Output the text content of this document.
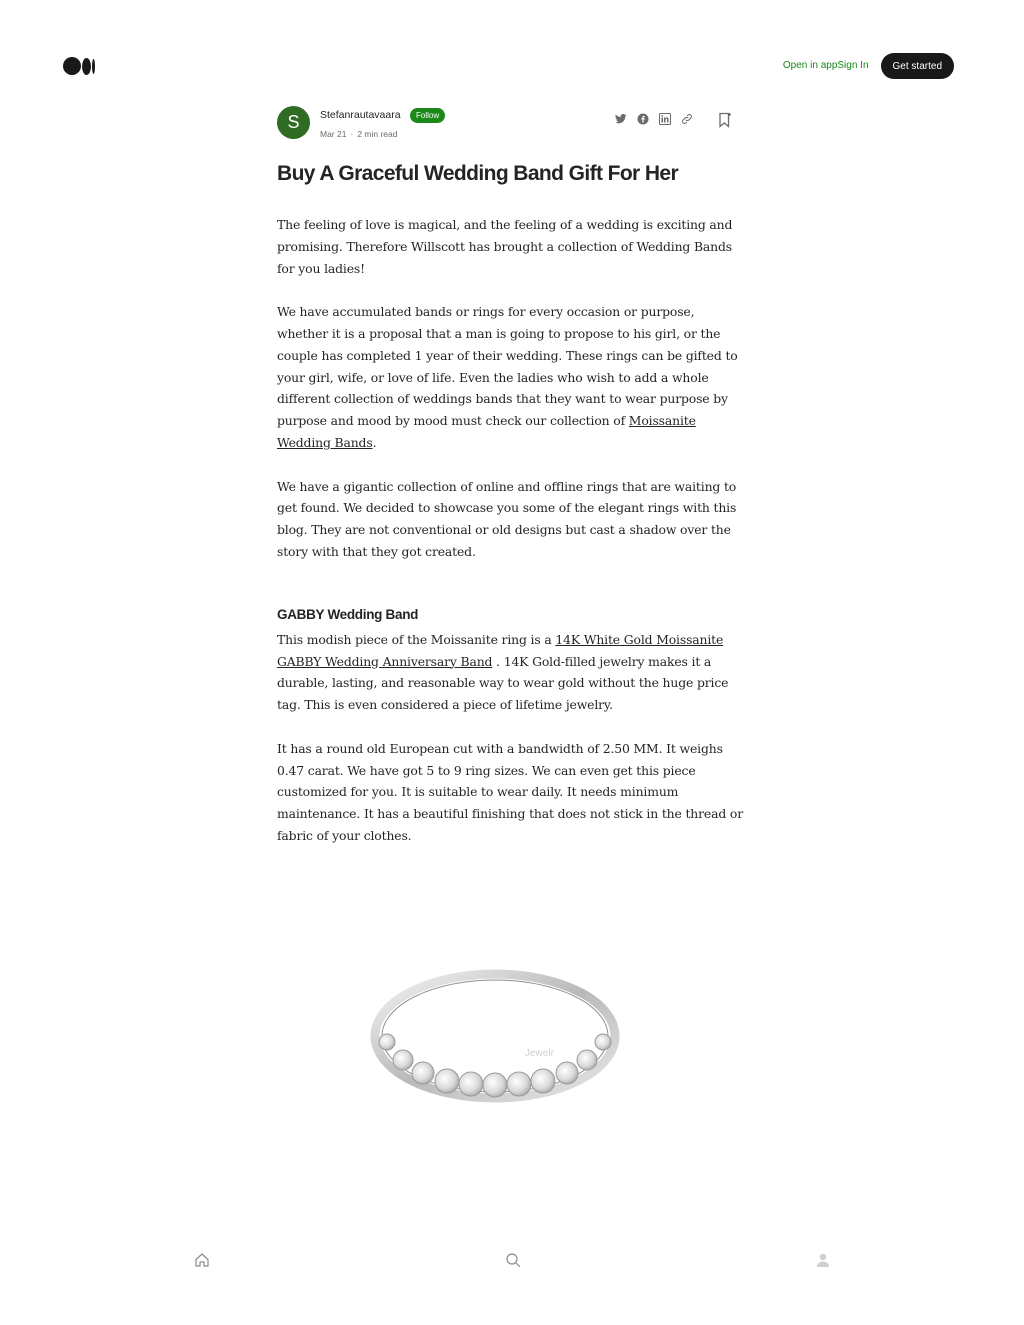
Open in app Sign In	Get started
S	Stefanrautavaara	Follow
Mar 21 · 2 min read
Buy A Graceful Wedding Band Gift For Her

The feeling of love is magical, and the feeling of a wedding is exciting and promising. Therefore Willscott has brought a collection of Wedding Bands for you ladies!

We have accumulated bands or rings for every occasion or purpose, whether it is a proposal that a man is going to propose to his girl, or the couple has completed 1 year of their wedding. These rings can be gifted to your girl, wife, or love of life. Even the ladies who wish to add a whole different collection of weddings bands that they want to wear purpose by purpose and mood by mood must check our collection of Moissanite Wedding Bands.

We have a gigantic collection of online and offline rings that are waiting to get found. We decided to showcase you some of the elegant rings with this blog. They are not conventional or old designs but cast a shadow over the story with that they got created.

GABBY Wedding Band

This modish piece of the Moissanite ring is a 14K White Gold Moissanite GABBY Wedding Anniversary Band . 14K Gold-filled jewelry makes it a durable, lasting, and reasonable way to wear gold without the huge price tag. This is even considered a piece of lifetime jewelry.

It has a round old European cut with a bandwidth of 2.50 MM. It weighs 0.47 carat. We have got 5 to 9 ring sizes. We can even get this piece customized for you. It is suitable to wear daily. It needs minimum maintenance. It has a beautiful finishing that does not stick in the thread or fabric of your clothes.

Jewelr
